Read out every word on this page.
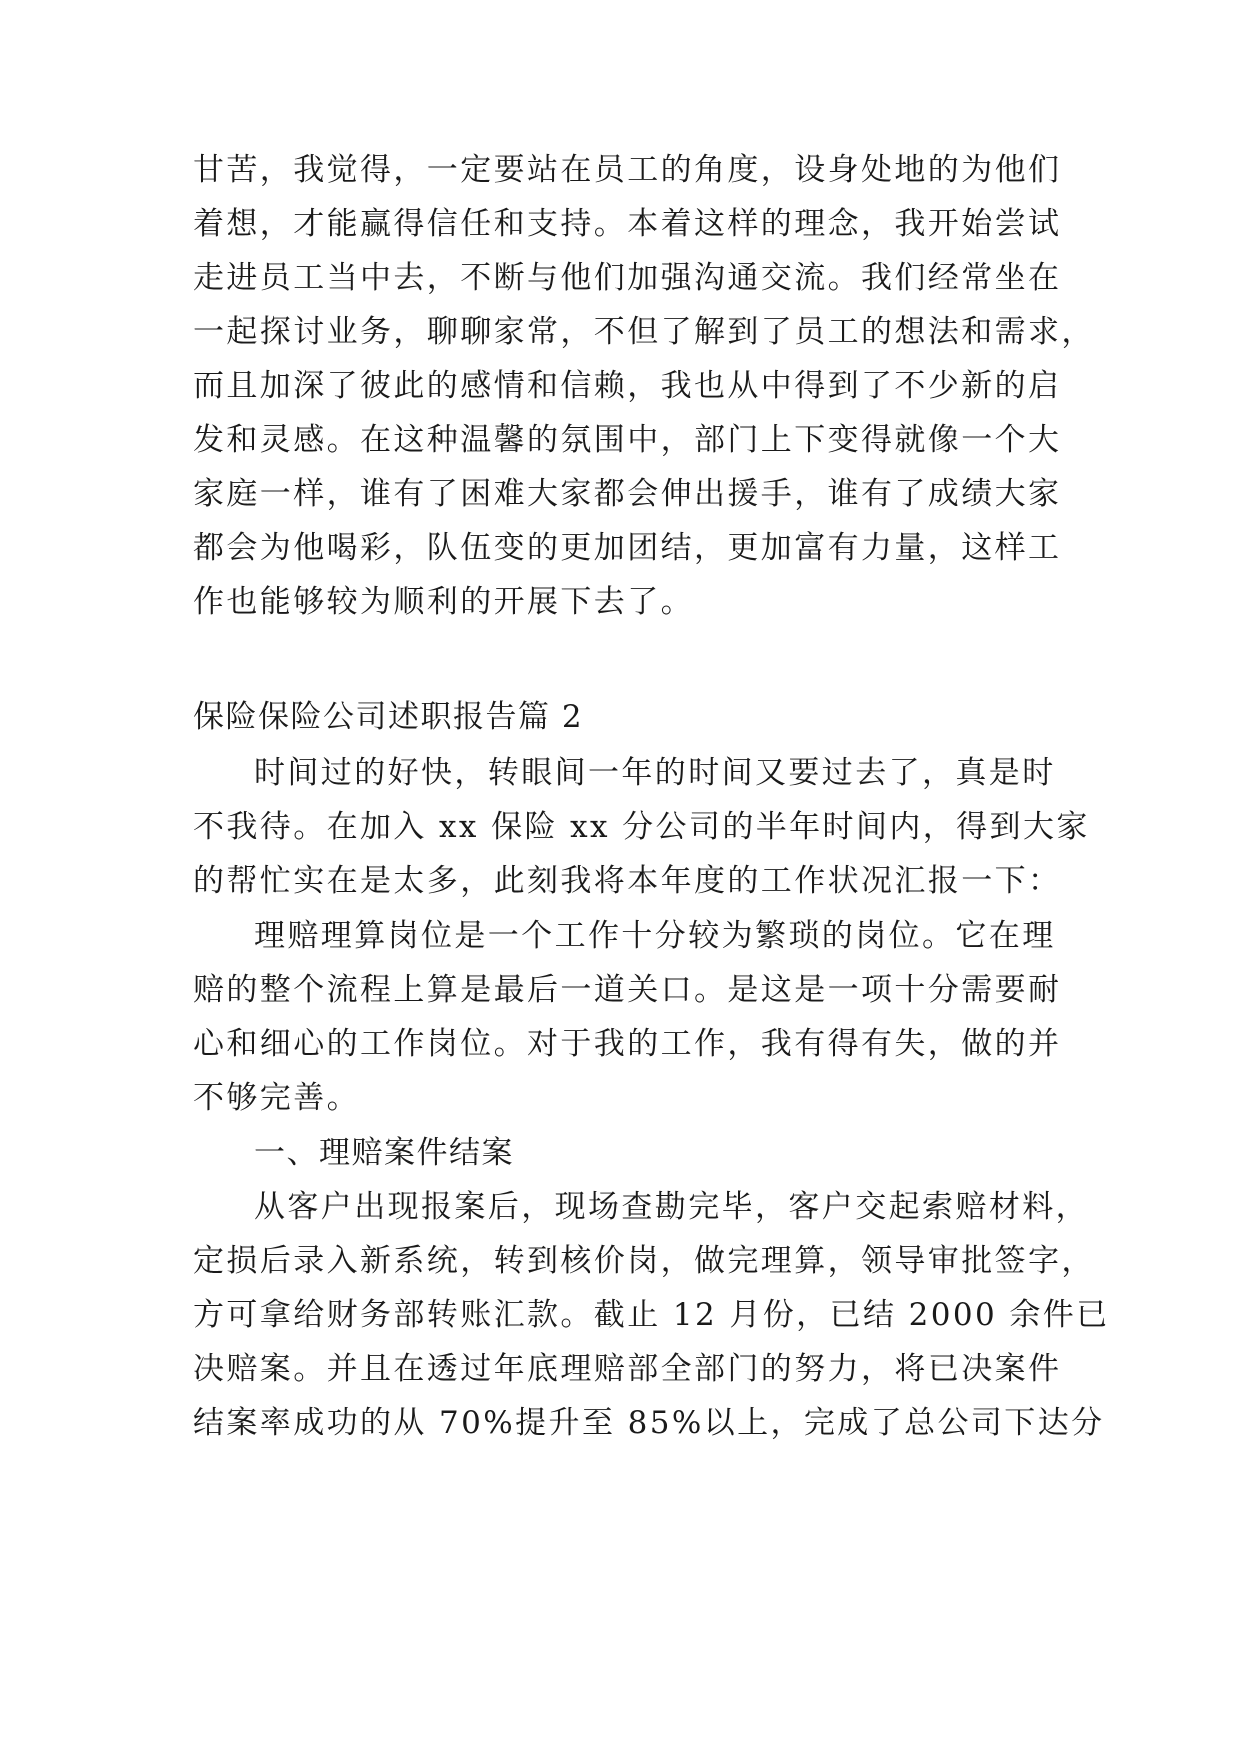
甘苦，我觉得，一定要站在员工的角度，设身处地的为他们
着想，才能赢得信任和支持。本着这样的理念，我开始尝试
走进员工当中去，不断与他们加强沟通交流。我们经常坐在
一起探讨业务，聊聊家常，不但了解到了员工的想法和需求，
而且加深了彼此的感情和信赖，我也从中得到了不少新的启
发和灵感。在这种温馨的氛围中，部门上下变得就像一个大
家庭一样，谁有了困难大家都会伸出援手，谁有了成绩大家
都会为他喝彩，队伍变的更加团结，更加富有力量，这样工
作也能够较为顺利的开展下去了。
保险保险公司述职报告篇 2
时间过的好快，转眼间一年的时间又要过去了，真是时
不我待。在加入 xx 保险 xx 分公司的半年时间内，得到大家
的帮忙实在是太多，此刻我将本年度的工作状况汇报一下：
理赔理算岗位是一个工作十分较为繁琐的岗位。它在理
赔的整个流程上算是最后一道关口。是这是一项十分需要耐
心和细心的工作岗位。对于我的工作，我有得有失，做的并
不够完善。
一、理赔案件结案
从客户出现报案后，现场查勘完毕，客户交起索赔材料，
定损后录入新系统，转到核价岗，做完理算，领导审批签字，
方可拿给财务部转账汇款。截止 12 月份，已结 2000 余件已
决赔案。并且在透过年底理赔部全部门的努力，将已决案件
结案率成功的从 70%提升至 85%以上，完成了总公司下达分
